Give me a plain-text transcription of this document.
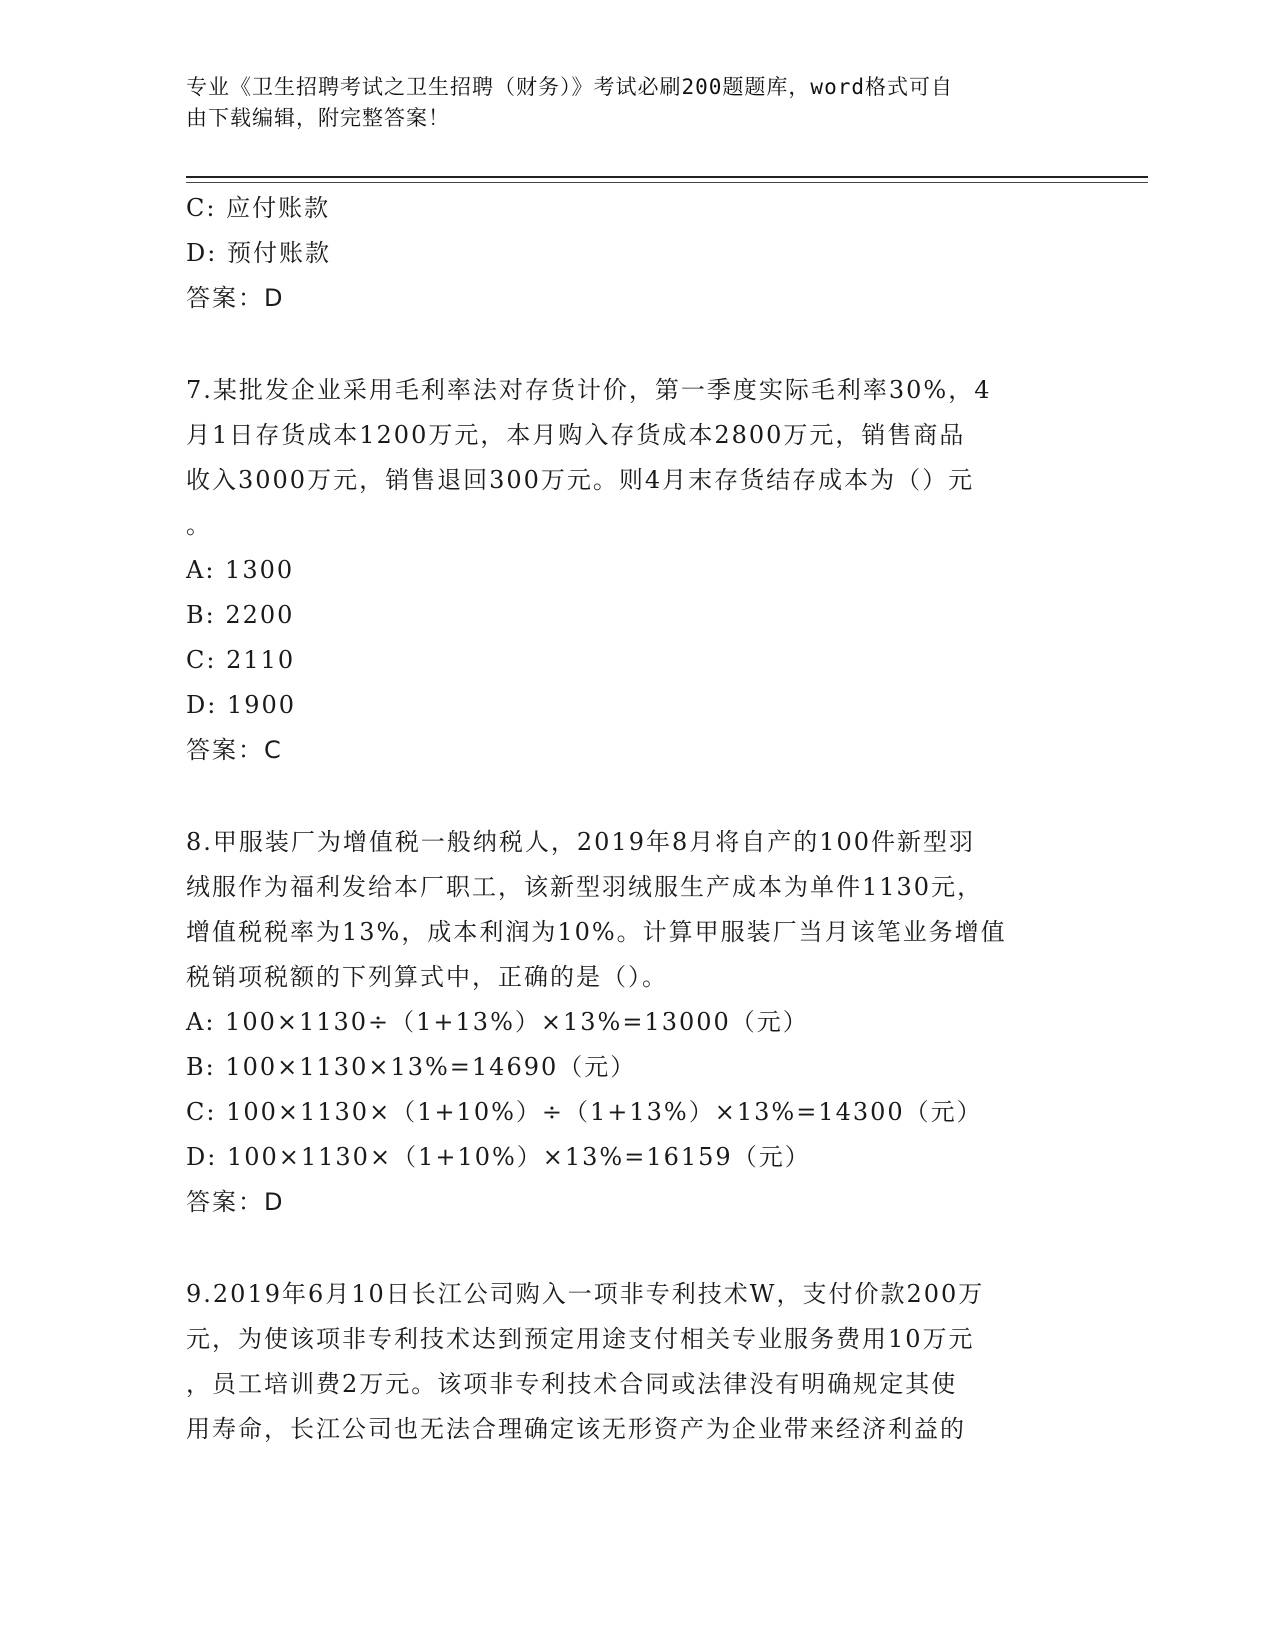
专业《卫生招聘考试之卫生招聘（财务）》考试必刷200题题库，word格式可自
由下载编辑，附完整答案！
C: 应付账款
D: 预付账款
答案：D
7.某批发企业采用毛利率法对存货计价，第一季度实际毛利率30%，4
月1日存货成本1200万元，本月购入存货成本2800万元，销售商品
收入3000万元，销售退回300万元。则4月末存货结存成本为（）元
。
A: 1300
B: 2200
C: 2110
D: 1900
答案：C
8.甲服装厂为增值税一般纳税人，2019年8月将自产的100件新型羽
绒服作为福利发给本厂职工，该新型羽绒服生产成本为单件1130元，
增值税税率为13%，成本利润为10%。计算甲服装厂当月该笔业务增值
税销项税额的下列算式中，正确的是（）。
A: 100×1130÷（1+13%）×13%=13000（元）
B: 100×1130×13%=14690（元）
C: 100×1130×（1+10%）÷（1+13%）×13%=14300（元）
D: 100×1130×（1+10%）×13%=16159（元）
答案：D
9.2019年6月10日长江公司购入一项非专利技术W，支付价款200万
元，为使该项非专利技术达到预定用途支付相关专业服务费用10万元
，员工培训费2万元。该项非专利技术合同或法律没有明确规定其使
用寿命，长江公司也无法合理确定该无形资产为企业带来经济利益的
